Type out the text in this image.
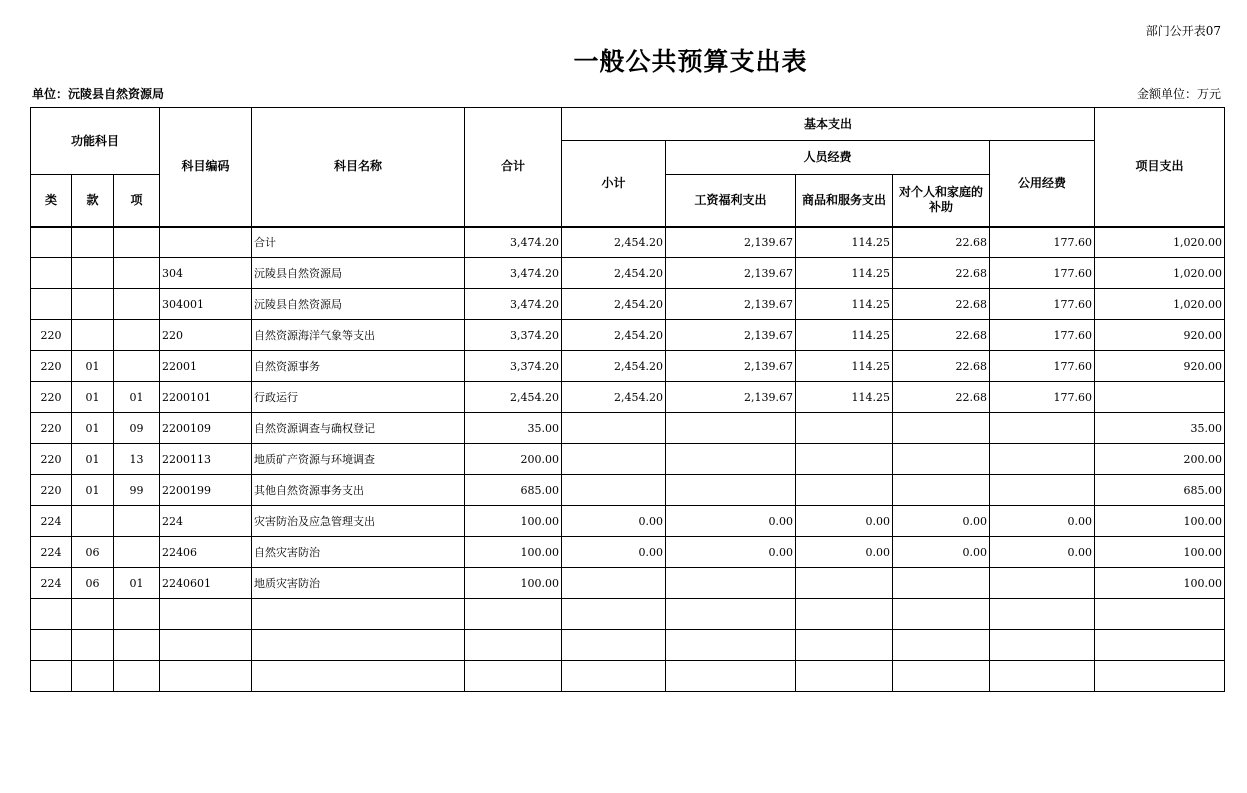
部门公开表07
一般公共预算支出表
单位：沅陵县自然资源局	金额单位：万元
功能科目			科目编码	科目名称	合计	基本支出					项目支出
						小计	人员经费			公用经费	
类	款	项					工资福利支出	商品和服务支出	对个人和家庭的补助		
				合计	3,474.20	2,454.20	2,139.67	114.25	22.68	177.60	1,020.00
			304	沅陵县自然资源局	3,474.20	2,454.20	2,139.67	114.25	22.68	177.60	1,020.00
			304001	沅陵县自然资源局	3,474.20	2,454.20	2,139.67	114.25	22.68	177.60	1,020.00
220			220	自然资源海洋气象等支出	3,374.20	2,454.20	2,139.67	114.25	22.68	177.60	920.00
220	01		22001	自然资源事务	3,374.20	2,454.20	2,139.67	114.25	22.68	177.60	920.00
220	01	01	2200101	行政运行	2,454.20	2,454.20	2,139.67	114.25	22.68	177.60	
220	01	09	2200109	自然资源调查与确权登记	35.00						35.00
220	01	13	2200113	地质矿产资源与环境调查	200.00						200.00
220	01	99	2200199	其他自然资源事务支出	685.00						685.00
224			224	灾害防治及应急管理支出	100.00	0.00	0.00	0.00	0.00	0.00	100.00
224	06		22406	自然灾害防治	100.00	0.00	0.00	0.00	0.00	0.00	100.00
224	06	01	2240601	地质灾害防治	100.00						100.00
